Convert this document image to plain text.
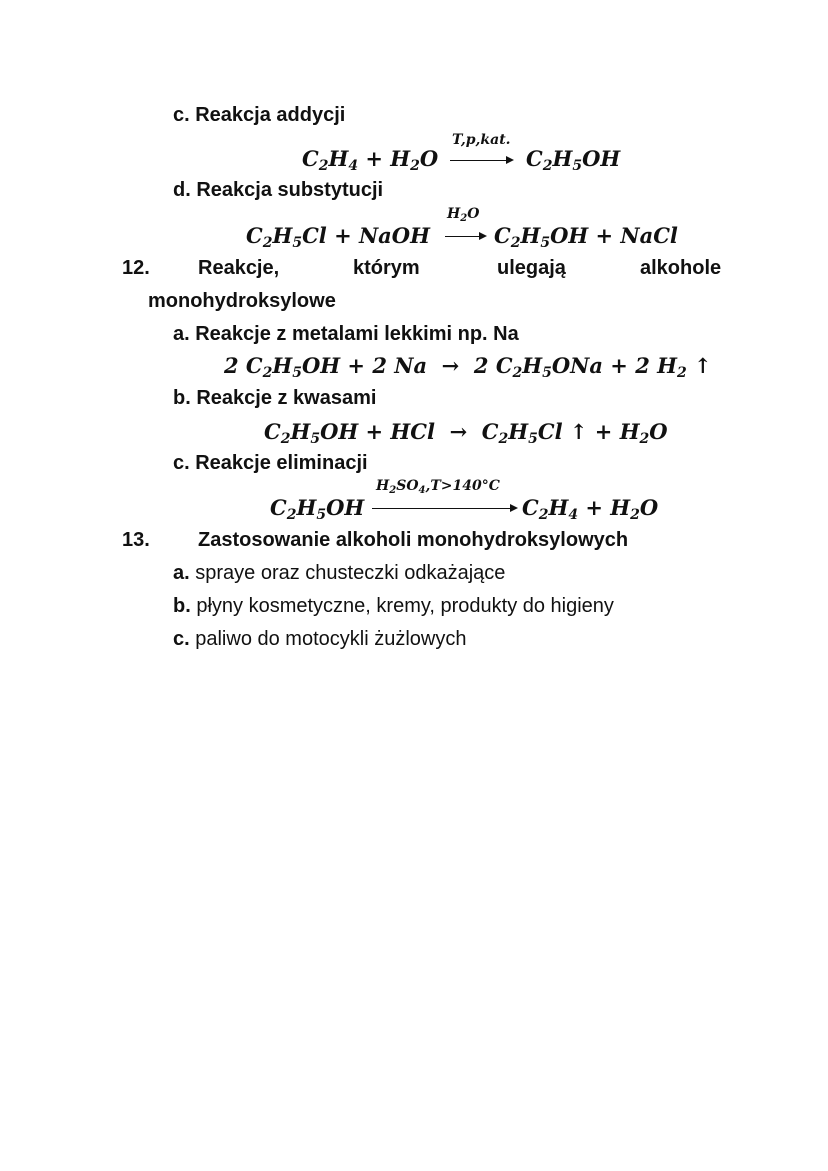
c. Reakcja addycji
$C_2H_4 + H_2O$
T,p,kat.
$C_2H_5OH$
d. Reakcja substytucji
$C_2H_5Cl$ + NaOH
$H_2O$
$C_2H_5OH$ + NaCl
12. Reakcje,	którym	ulegają	alkohole
monohydroksylowe
a. Reakcje z metalami lekkimi np. Na
2 $C_2H_5OH + 2$ Na  →  2 $C_2H_5ONa + 2$ $H_2$ ↑
b. Reakcje z kwasami
$C_2H_5OH$ + HCl  →  $C_2H_5Cl$ ↑ + $H_2O$
c. Reakcje eliminacji
$C_2H_5OH$
$H_2SO_4,T>140^\circ C$
$C_2H_4 + H_2O$
13. Zastosowanie alkoholi monohydroksylowych
a. spraye oraz chusteczki odkażające
b. płyny kosmetyczne, kremy, produkty do higieny
c. paliwo do motocykli żużlowych
